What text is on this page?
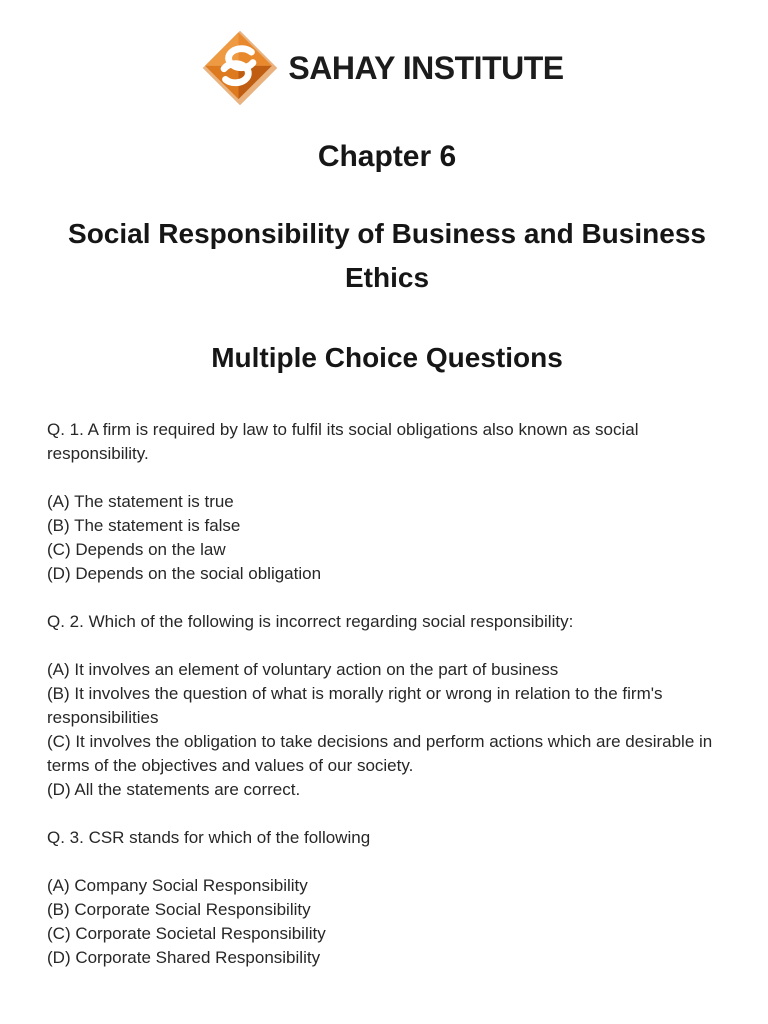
SAHAY INSTITUTE
Chapter 6
Social Responsibility of Business and Business Ethics
Multiple Choice Questions

Q. 1. A firm is required by law to fulfil its social obligations also known as social responsibility.

(A) The statement is true

(B) The statement is false

(C) Depends on the law

(D) Depends on the social obligation

Q. 2. Which of the following is incorrect regarding social responsibility:

(A) It involves an element of voluntary action on the part of business

(B) It involves the question of what is morally right or wrong in relation to the firm's responsibilities

(C) It involves the obligation to take decisions and perform actions which are desirable in terms of the objectives and values of our society.

(D) All the statements are correct.

Q. 3. CSR stands for which of the following

(A) Company Social Responsibility

(B) Corporate Social Responsibility

(C) Corporate Societal Responsibility

(D) Corporate Shared Responsibility
